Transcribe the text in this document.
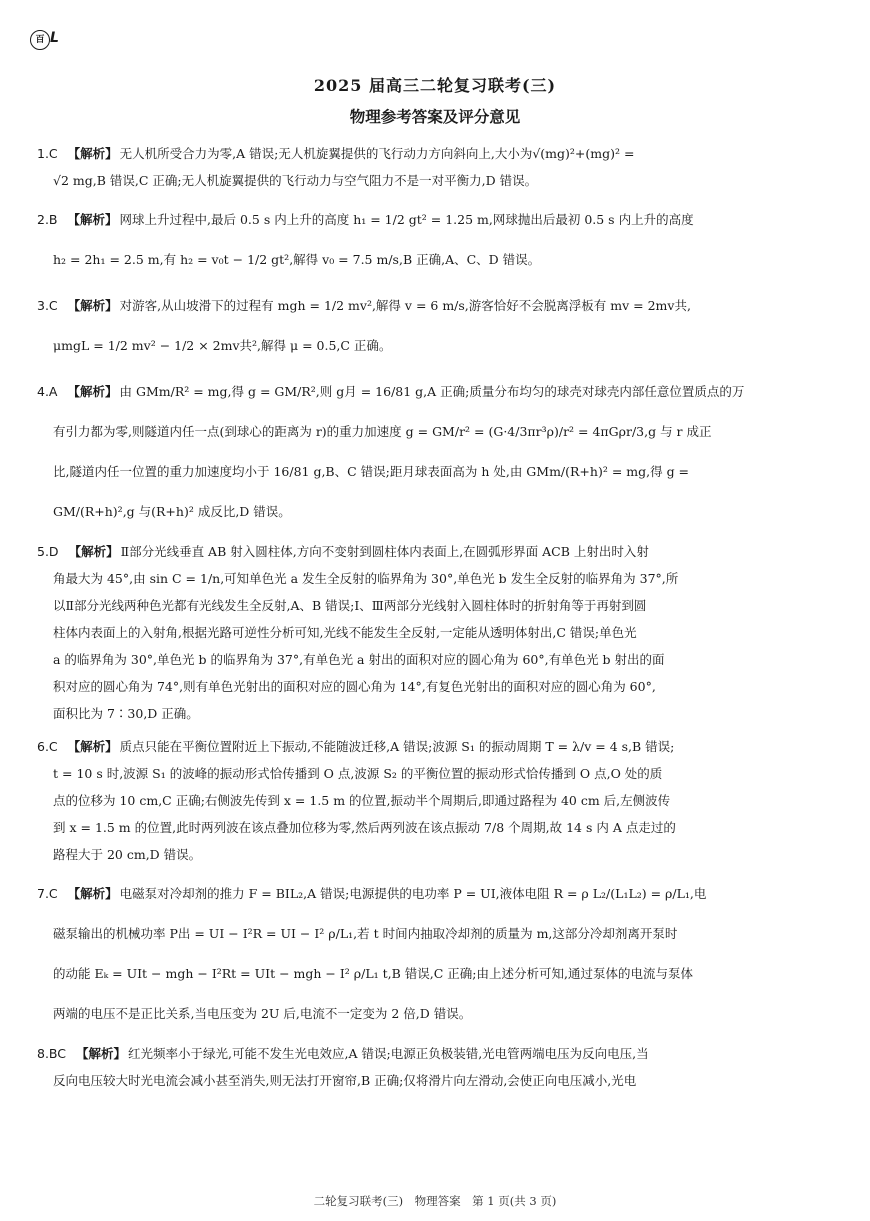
百 L
2025 届高三二轮复习联考(三)
物理参考答案及评分意见
1.C 【解析】 无人机所受合力为零,A 错误;无人机旋翼提供的飞行动力方向斜向上,大小为√(mg)²+(mg)² =
√2 mg,B 错误,C 正确;无人机旋翼提供的飞行动力与空气阻力不是一对平衡力,D 错误。
2.B 【解析】 网球上升过程中,最后 0.5 s 内上升的高度 h₁ = 1/2 gt² = 1.25 m,网球抛出后最初 0.5 s 内上升的高度
h₂ = 2h₁ = 2.5 m,有 h₂ = v₀t − 1/2 gt²,解得 v₀ = 7.5 m/s,B 正确,A、C、D 错误。
3.C 【解析】 对游客,从山坡滑下的过程有 mgh = 1/2 mv²,解得 v = 6 m/s,游客恰好不会脱离浮板有 mv = 2mv共,
μmgL = 1/2 mv² − 1/2 × 2mv共²,解得 μ = 0.5,C 正确。
4.A 【解析】 由 GMm/R² = mg,得 g = GM/R²,则 g月 = 16/81 g,A 正确;质量分布均匀的球壳对球壳内部任意位置质点的万
有引力都为零,则隧道内任一点(到球心的距离为 r)的重力加速度 g = GM/r² = (G·4/3πr³ρ)/r² = 4πGρr/3,g 与 r 成正
比,隧道内任一位置的重力加速度均小于 16/81 g,B、C 错误;距月球表面高为 h 处,由 GMm/(R+h)² = mg,得 g =
GM/(R+h)²,g 与(R+h)² 成反比,D 错误。
5.D 【解析】 Ⅱ部分光线垂直 AB 射入圆柱体,方向不变射到圆柱体内表面上,在圆弧形界面 ACB 上射出时入射
角最大为 45°,由 sin C = 1/n,可知单色光 a 发生全反射的临界角为 30°,单色光 b 发生全反射的临界角为 37°,所
以Ⅱ部分光线两种色光都有光线发生全反射,A、B 错误;Ⅰ、Ⅲ两部分光线射入圆柱体时的折射角等于再射到圆
柱体内表面上的入射角,根据光路可逆性分析可知,光线不能发生全反射,一定能从透明体射出,C 错误;单色光
a 的临界角为 30°,单色光 b 的临界角为 37°,有单色光 a 射出的面积对应的圆心角为 60°,有单色光 b 射出的面
积对应的圆心角为 74°,则有单色光射出的面积对应的圆心角为 14°,有复色光射出的面积对应的圆心角为 60°,
面积比为 7∶30,D 正确。
6.C 【解析】 质点只能在平衡位置附近上下振动,不能随波迁移,A 错误;波源 S₁ 的振动周期 T = λ/v = 4 s,B 错误;
t = 10 s 时,波源 S₁ 的波峰的振动形式恰传播到 O 点,波源 S₂ 的平衡位置的振动形式恰传播到 O 点,O 处的质
点的位移为 10 cm,C 正确;右侧波先传到 x = 1.5 m 的位置,振动半个周期后,即通过路程为 40 cm 后,左侧波传
到 x = 1.5 m 的位置,此时两列波在该点叠加位移为零,然后两列波在该点振动 7/8 个周期,故 14 s 内 A 点走过的
路程大于 20 cm,D 错误。
7.C 【解析】 电磁泵对冷却剂的推力 F = BIL₂,A 错误;电源提供的电功率 P = UI,液体电阻 R = ρ L₂/(L₁L₂) = ρ/L₁,电
磁泵输出的机械功率 P出 = UI − I²R = UI − I² ρ/L₁,若 t 时间内抽取冷却剂的质量为 m,这部分冷却剂离开泵时
的动能 Eₖ = UIt − mgh − I²Rt = UIt − mgh − I² ρ/L₁ t,B 错误,C 正确;由上述分析可知,通过泵体的电流与泵体
两端的电压不是正比关系,当电压变为 2U 后,电流不一定变为 2 倍,D 错误。
8.BC 【解析】 红光频率小于绿光,可能不发生光电效应,A 错误;电源正负极装错,光电管两端电压为反向电压,当
反向电压较大时光电流会减小甚至消失,则无法打开窗帘,B 正确;仅将滑片向左滑动,会使正向电压减小,光电
二轮复习联考(三)　物理答案　第 1 页(共 3 页)
